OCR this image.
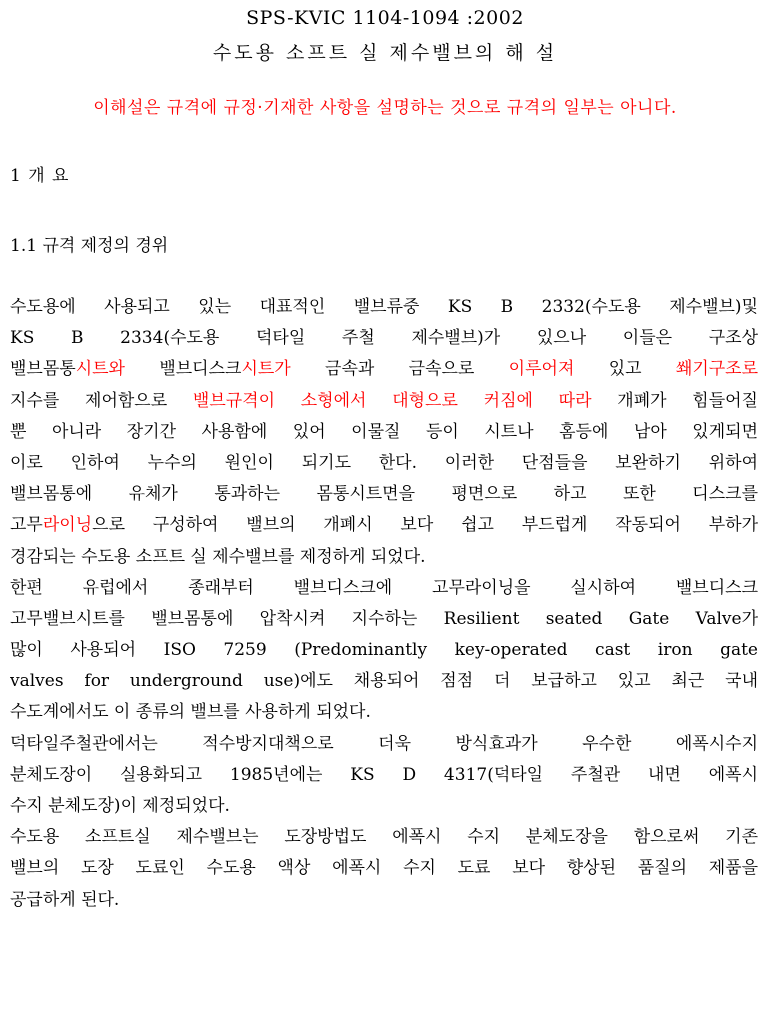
SPS-KVIC 1104-1094 :2002
수도용 소프트 실 제수밸브의 해 설
이해설은 규격에 규정·기재한 사항을 설명하는 것으로 규격의 일부는 아니다.
1 개 요
1.1 규격 제정의 경위
수도용에 사용되고 있는 대표적인 밸브류중 KS B 2332(수도용 제수밸브)및
KS B 2334(수도용 덕타일 주철 제수밸브)가 있으나 이들은 구조상
밸브몸통시트와 밸브디스크시트가 금속과 금속으로 이루어져 있고 쐐기구조로
지수를 제어함으로 밸브규격이 소형에서 대형으로 커짐에 따라 개폐가 힘들어질
뿐 아니라 장기간 사용함에 있어 이물질 등이 시트나 홈등에 남아 있게되면
이로 인하여 누수의 원인이 되기도 한다. 이러한 단점들을 보완하기 위하여
밸브몸통에 유체가 통과하는 몸통시트면을 평면으로 하고 또한 디스크를
고무라이닝으로 구성하여 밸브의 개폐시 보다 쉽고 부드럽게 작동되어 부하가
경감되는 수도용 소프트 실 제수밸브를 제정하게 되었다.
한편 유럽에서 종래부터 밸브디스크에 고무라이닝을 실시하여 밸브디스크
고무밸브시트를 밸브몸통에 압착시켜 지수하는 Resilient seated Gate Valve가
많이 사용되어 ISO 7259 (Predominantly key-operated cast iron gate
valves for underground use)에도 채용되어 점점 더 보급하고 있고 최근 국내
수도계에서도 이 종류의 밸브를 사용하게 되었다.
덕타일주철관에서는 적수방지대책으로 더욱 방식효과가 우수한 에폭시수지
분체도장이 실용화되고 1985년에는 KS D 4317(덕타일 주철관 내면 에폭시
수지 분체도장)이 제정되었다.
수도용 소프트실 제수밸브는 도장방법도 에폭시 수지 분체도장을 함으로써 기존
밸브의 도장 도료인 수도용 액상 에폭시 수지 도료 보다 향상된 품질의 제품을
공급하게 된다.
